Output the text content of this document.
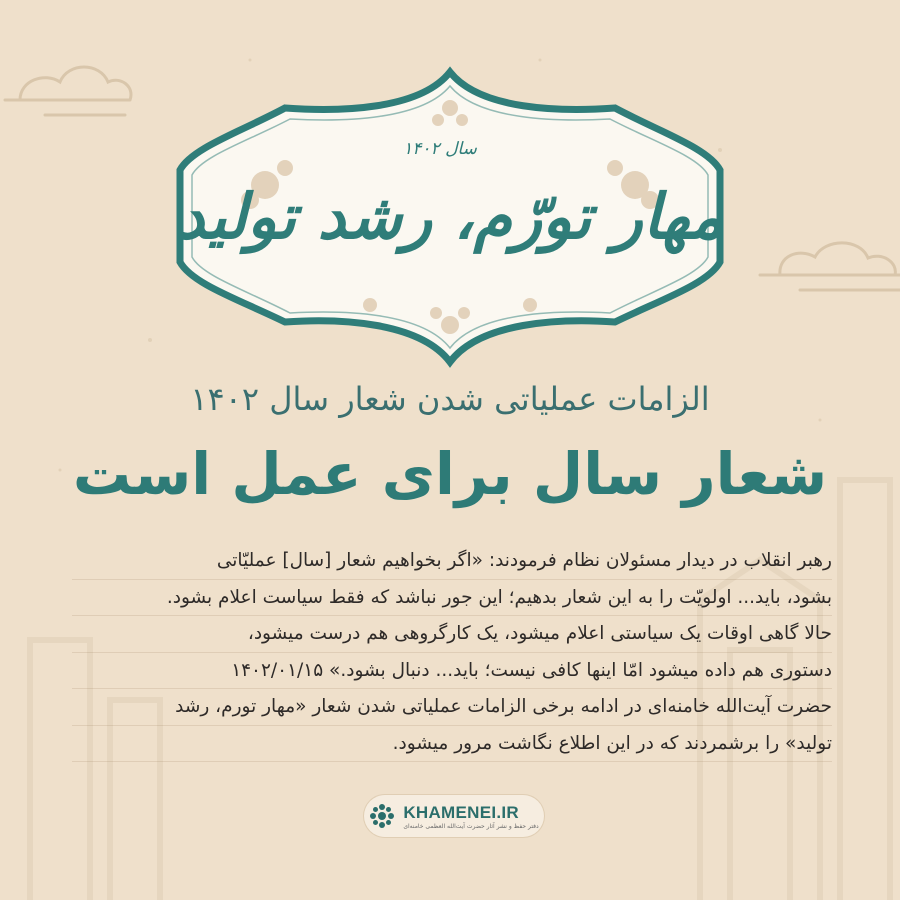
سال ۱۴۰۲
مهار تورّم، رشد تولید
الزامات عملیاتی شدن شعار سال ۱۴۰۲
شعار سال برای عمل است
رهبر انقلاب در دیدار مسئولان نظام فرمودند: «اگر بخواهیم شعار [سال] عملیّاتی
بشود، باید... اولویّت را به این شعار بدهیم؛ این جور نباشد که فقط سیاست اعلام بشود.
حالا گاهی اوقات یک سیاستی اعلام میشود، یک کارگروهی هم درست میشود،
دستوری هم داده میشود امّا اینها کافی نیست؛ باید... دنبال بشود.» ۱۴۰۲/۰۱/۱۵
حضرت آیت‌الله خامنه‌ای در ادامه برخی الزامات عملیاتی شدن شعار «مهار تورم، رشد
تولید» را برشمردند که در این اطلاع نگاشت مرور میشود.
KHAMENEI.IR
دفتر حفظ و نشر آثار حضرت آیت‌الله العظمی خامنه‌ای
